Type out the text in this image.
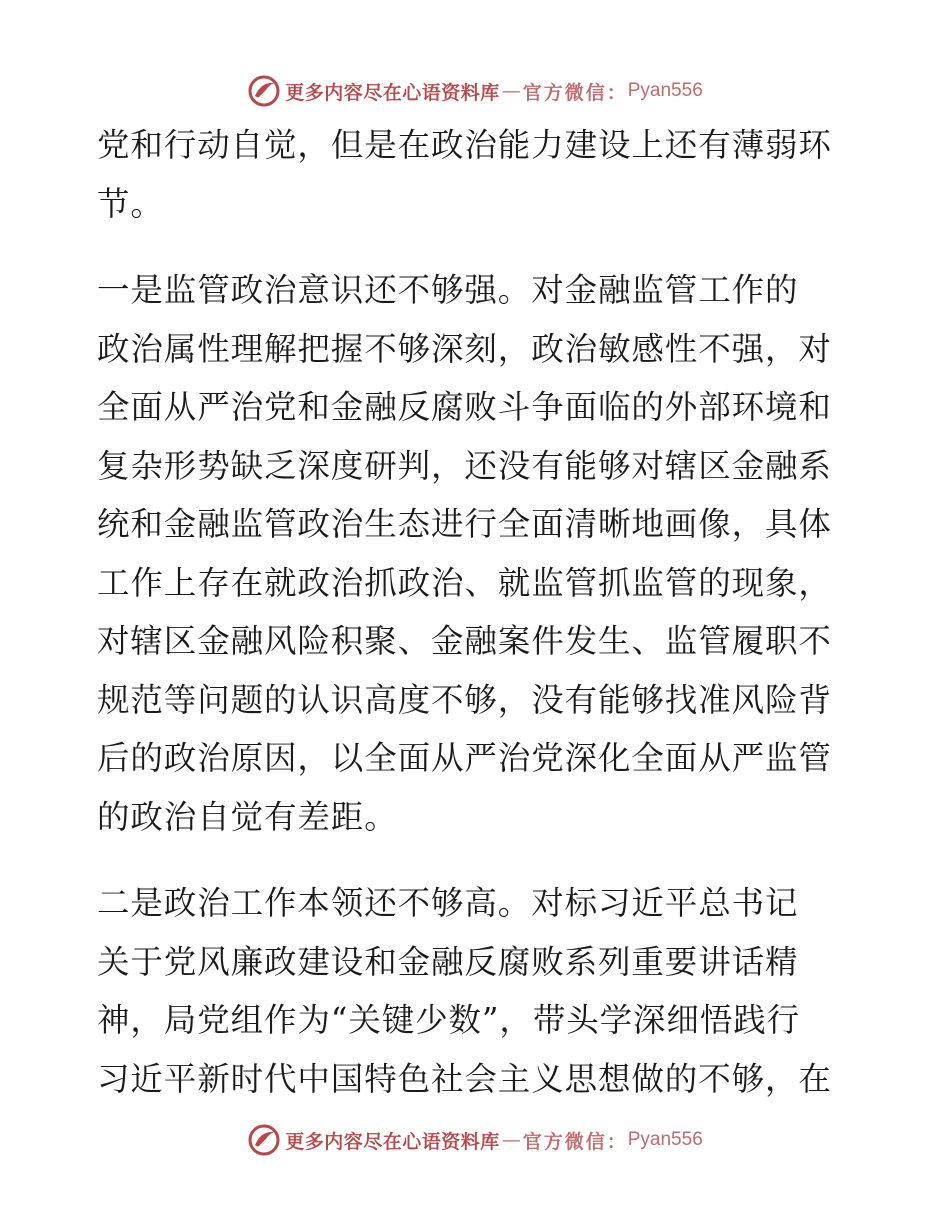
更多内容尽在心语资料库 — 官方微信： Pyan556
党和行动自觉，但是在政治能力建设上还有薄弱环
节。
一是监管政治意识还不够强。对金融监管工作的
政治属性理解把握不够深刻，政治敏感性不强，对
全面从严治党和金融反腐败斗争面临的外部环境和
复杂形势缺乏深度研判，还没有能够对辖区金融系
统和金融监管政治生态进行全面清晰地画像，具体
工作上存在就政治抓政治、就监管抓监管的现象，
对辖区金融风险积聚、金融案件发生、监管履职不
规范等问题的认识高度不够，没有能够找准风险背
后的政治原因，以全面从严治党深化全面从严监管
的政治自觉有差距。
二是政治工作本领还不够高。对标习近平总书记
关于党风廉政建设和金融反腐败系列重要讲话精
神，局党组作为“关键少数”，带头学深细悟践行
习近平新时代中国特色社会主义思想做的不够，在
更多内容尽在心语资料库 — 官方微信： Pyan556
